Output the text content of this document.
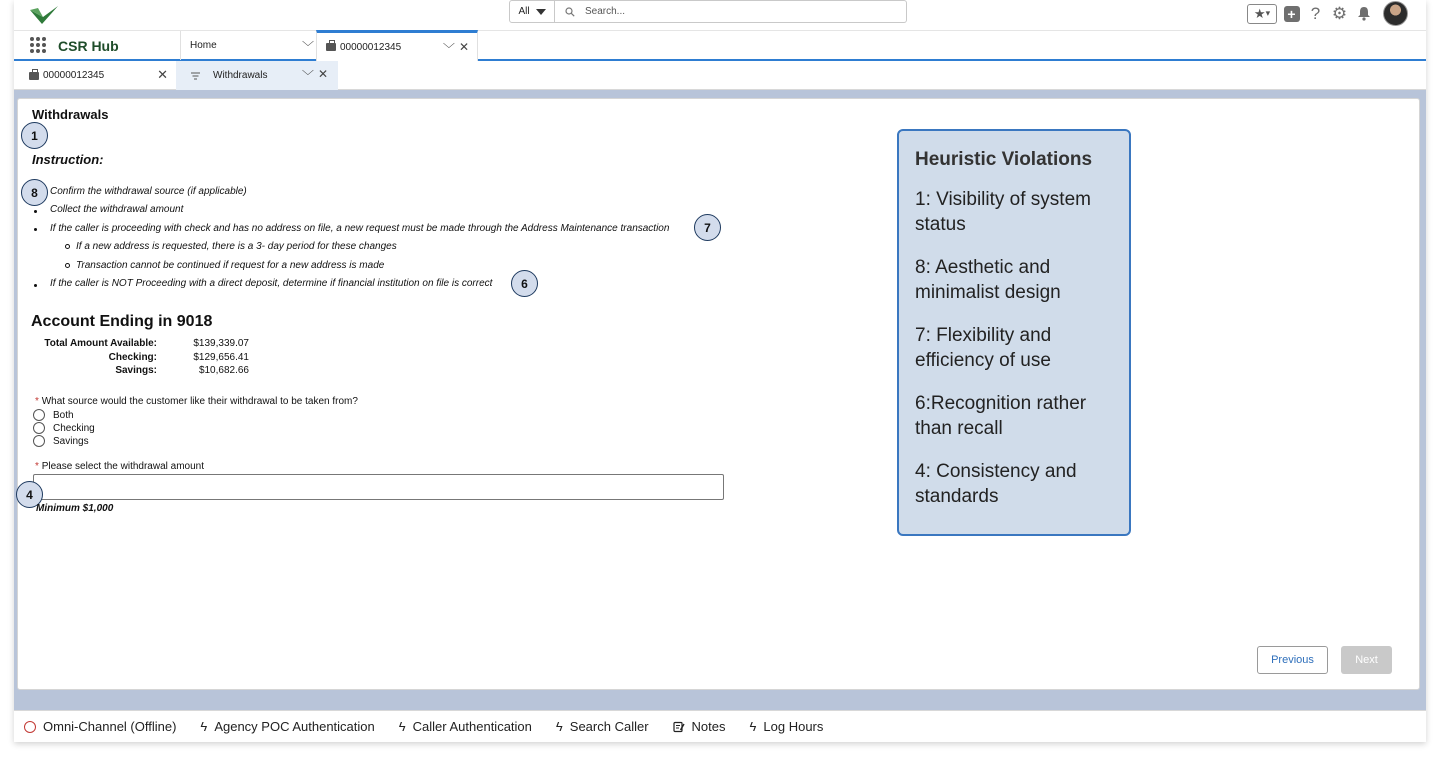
All	Search...	★ ▾ + ? ⚙
CSR Hub	Home	﹀	00000012345	﹀ ✕
00000012345	✕	Withdrawals	﹀ ✕
Withdrawals
1
Instruction:
8	Confirm the withdrawal source (if applicable)
Collect the withdrawal amount
If the caller is proceeding with check and has no address on file, a new request must be made through the Address Maintenance transaction	7
If a new address is requested, there is a 3- day period for these changes
Transaction cannot be continued if request for a new address is made
If the caller is NOT Proceeding with a direct deposit, determine if financial institution on file is correct	6
Account Ending in 9018
Total Amount Available:	$139,339.07
Checking:	$129,656.41
Savings:	$10,682.66
* What source would the customer like their withdrawal to be taken from?
Both
Checking
Savings
* Please select the withdrawal amount
4
Minimum $1,000
Heuristic Violations
1: Visibility of system status
8: Aesthetic and minimalist design
7: Flexibility and efficiency of use
6:Recognition rather than recall
4: Consistency and standards
Previous	Next
Omni-Channel (Offline) ϟ Agency POC Authentication ϟ Caller Authentication ϟ Search Caller	Notes ϟ Log Hours
